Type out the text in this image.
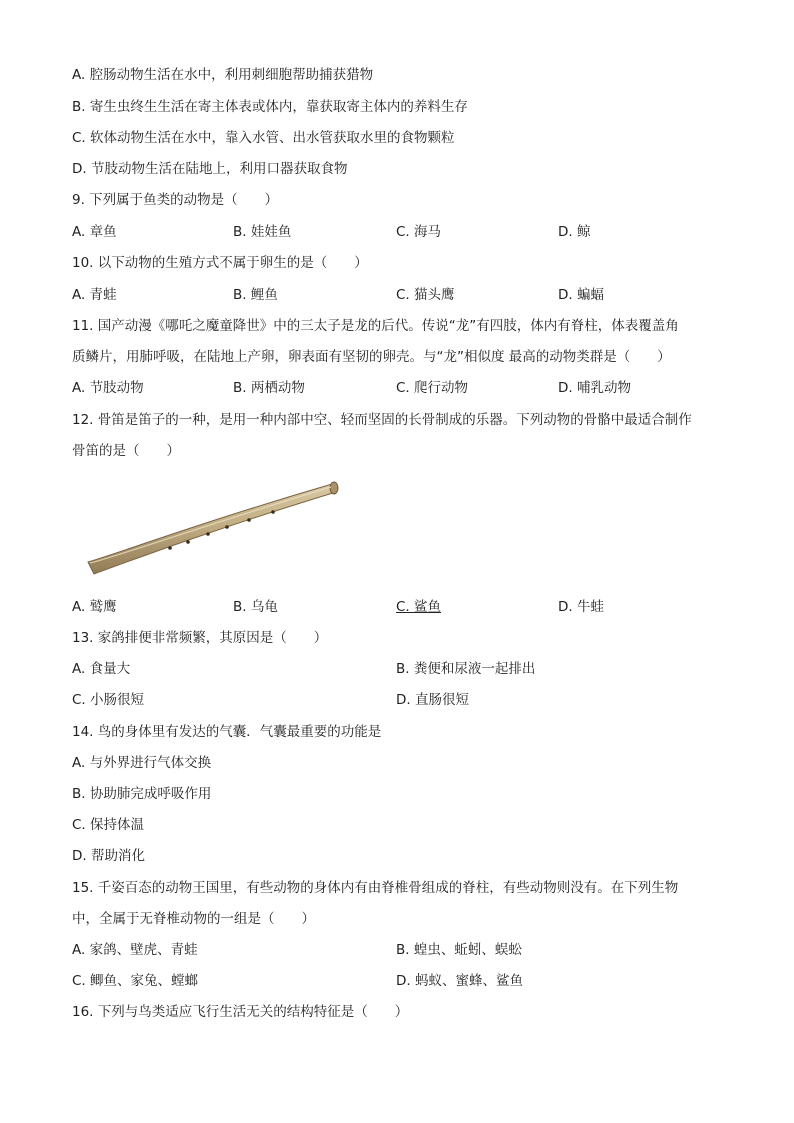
A. 腔肠动物生活在水中，利用刺细胞帮助捕获猎物
B. 寄生虫终生生活在寄主体表或体内，靠获取寄主体内的养料生存
C. 软体动物生活在水中，靠入水管、出水管获取水里的食物颗粒
D. 节肢动物生活在陆地上，利用口器获取食物
9. 下列属于鱼类的动物是（　　）
A. 章鱼	B. 娃娃鱼	C. 海马	D. 鲸
10. 以下动物的生殖方式不属于卵生的是（　　）
A. 青蛙	B. 鲤鱼	C. 猫头鹰	D. 蝙蝠
11. 国产动漫《哪吒之魔童降世》中的三太子是龙的后代。传说“龙”有四肢，体内有脊柱，体表覆盖角
质鳞片，用肺呼吸，在陆地上产卵，卵表面有坚韧的卵壳。与“龙”相似度 最高的动物类群是（　　）
A. 节肢动物	B. 两栖动物	C. 爬行动物	D. 哺乳动物
12. 骨笛是笛子的一种，是用一种内部中空、轻而坚固的长骨制成的乐器。下列动物的骨骼中最适合制作
骨笛的是（　　）
A. 鹫鹰	B. 乌龟	C. 鲨鱼	D. 牛蛙
13. 家鸽排便非常频繁，其原因是（　　）
A. 食量大	B. 粪便和尿液一起排出
C. 小肠很短	D. 直肠很短
14. 鸟的身体里有发达的气囊．气囊最重要的功能是
A. 与外界进行气体交换
B. 协助肺完成呼吸作用
C. 保持体温
D. 帮助消化
15. 千姿百态的动物王国里，有些动物的身体内有由脊椎骨组成的脊柱，有些动物则没有。在下列生物
中，全属于无脊椎动物的一组是（　　）
A. 家鸽、壁虎、青蛙	B. 蝗虫、蚯蚓、蜈蚣
C. 鲫鱼、家兔、螳螂	D. 蚂蚁、蜜蜂、鲨鱼
16. 下列与鸟类适应飞行生活无关的结构特征是（　　）
